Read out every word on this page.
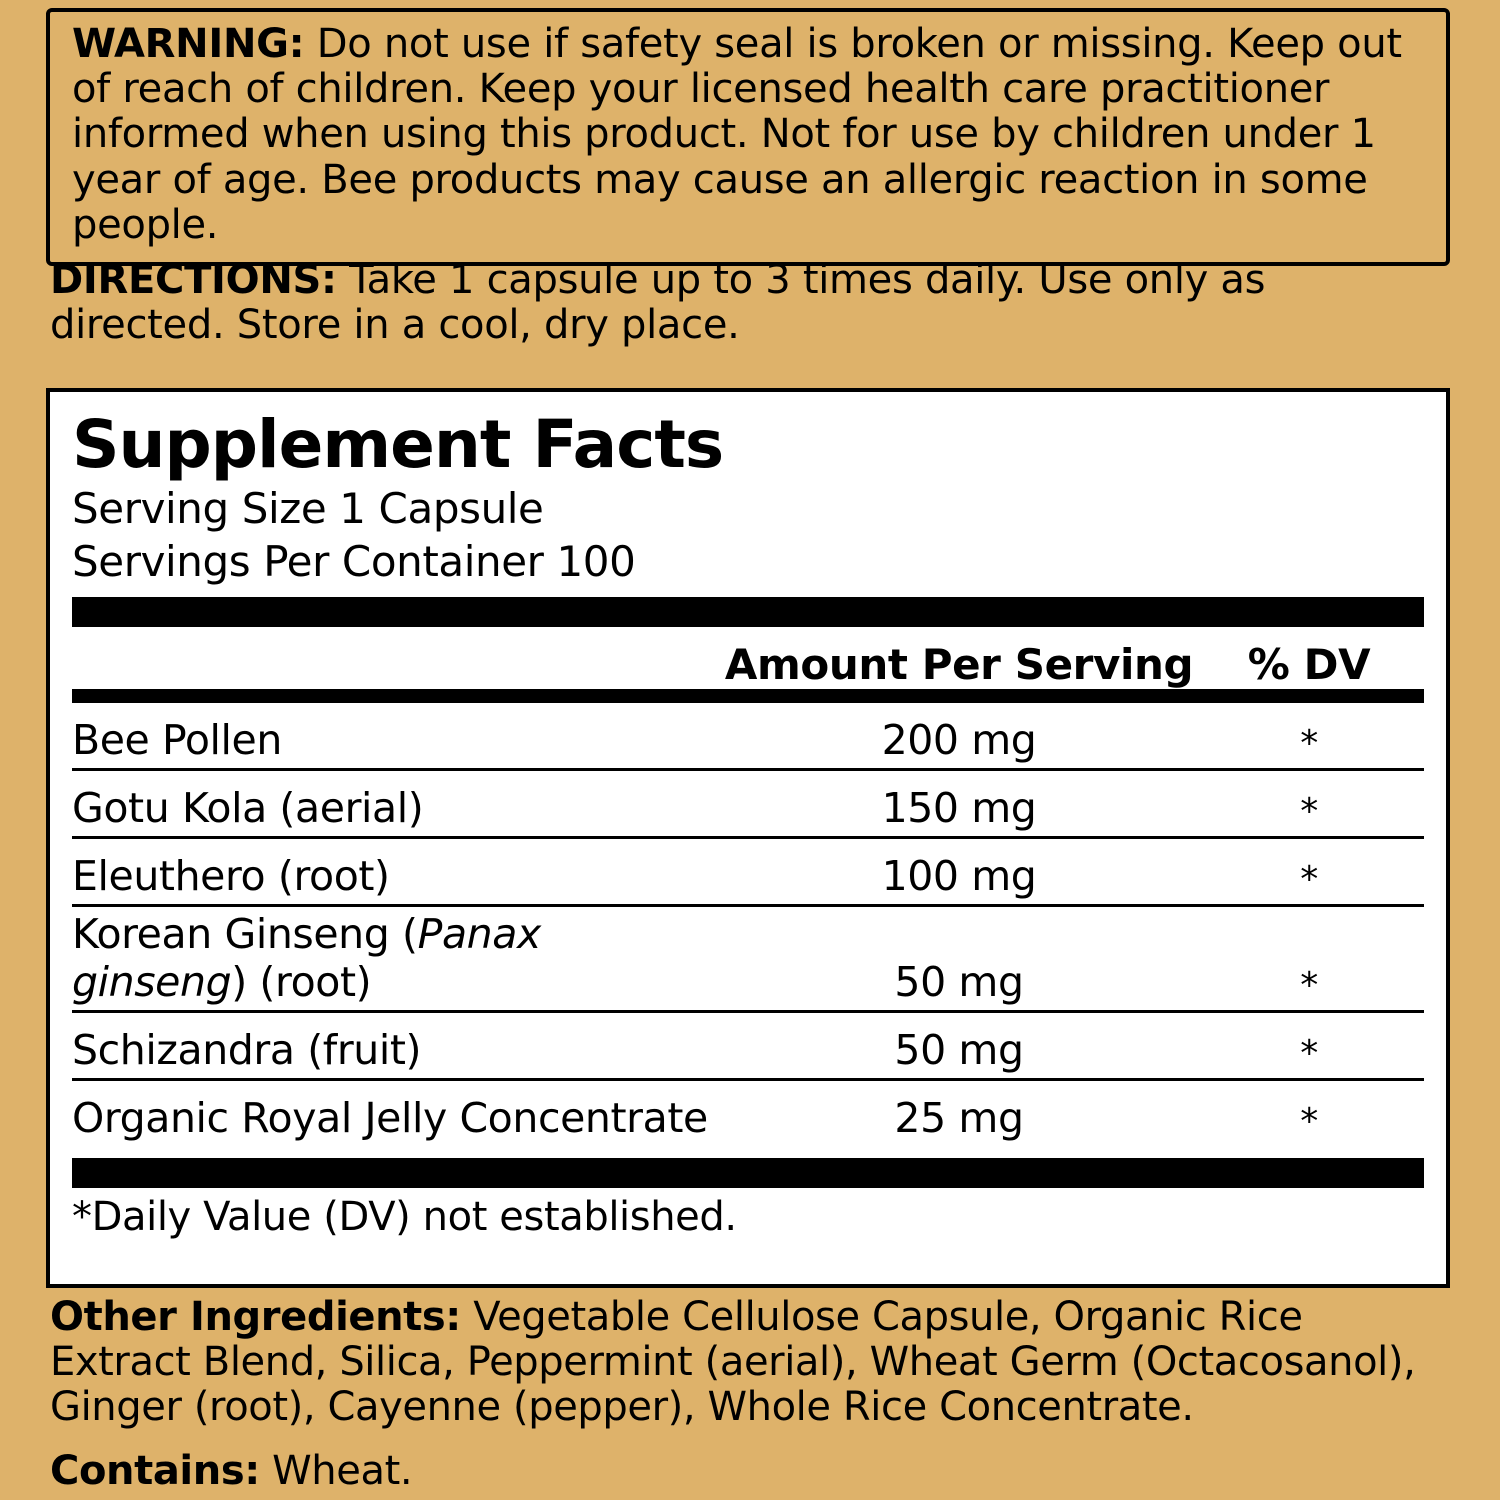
WARNING: Do not use if safety seal is broken or missing. Keep out of reach of children. Keep your licensed health care practitioner informed when using this product. Not for use by children under 1 year of age. Bee products may cause an allergic reaction in some people.
DIRECTIONS: Take 1 capsule up to 3 times daily. Use only as directed. Store in a cool, dry place.
Supplement Facts
Serving Size 1 Capsule
Servings Per Container 100
Amount Per Serving	% DV
Bee Pollen	200 mg	*
Gotu Kola (aerial)	150 mg	*
Eleuthero (root)	100 mg	*
Korean Ginseng (Panax ginseng) (root)	50 mg	*
Schizandra (fruit)	50 mg	*
Organic Royal Jelly Concentrate	25 mg	*
*Daily Value (DV) not established.
Other Ingredients: Vegetable Cellulose Capsule, Organic Rice Extract Blend, Silica, Peppermint (aerial), Wheat Germ (Octacosanol), Ginger (root), Cayenne (pepper), Whole Rice Concentrate.
Contains: Wheat.
